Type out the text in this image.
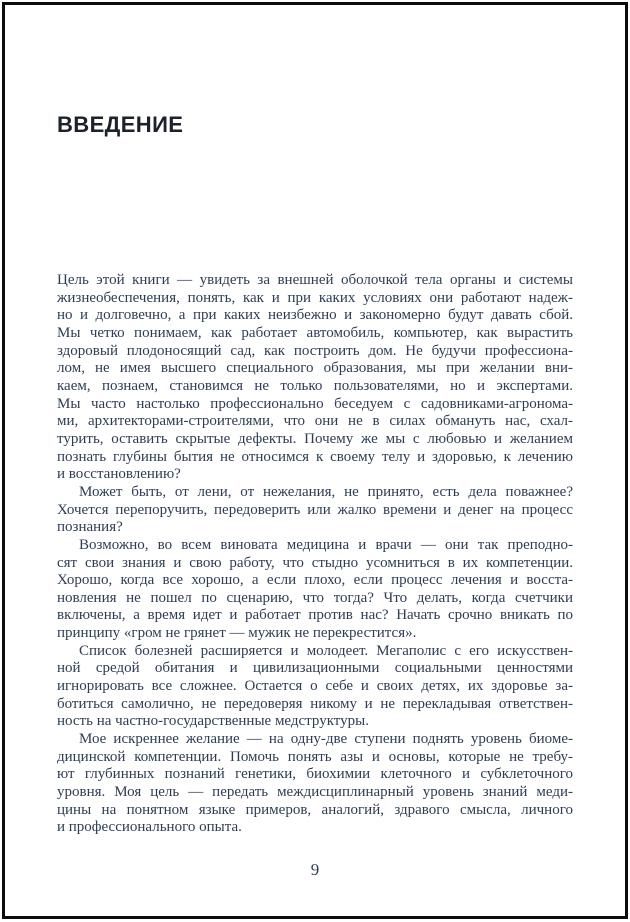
ВВЕДЕНИЕ
Цель этой книги — увидеть за внешней оболочкой тела органы и системы
жизнеобеспечения, понять, как и при каких условиях они работают надеж-
но и долговечно, а при каких неизбежно и закономерно будут давать сбой.
Мы четко понимаем, как работает автомобиль, компьютер, как вырастить
здоровый плодоносящий сад, как построить дом. Не будучи профессиона-
лом, не имея высшего специального образования, мы при желании вни-
каем, познаем, становимся не только пользователями, но и экспертами.
Мы часто настолько профессионально беседуем с садовниками-агронома-
ми, архитекторами-строителями, что они не в силах обмануть нас, схал-
турить, оставить скрытые дефекты. Почему же мы с любовью и желанием
познать глубины бытия не относимся к своему телу и здоровью, к лечению
и восстановлению?
Может быть, от лени, от нежелания, не принято, есть дела поважнее?
Хочется перепоручить, передоверить или жалко времени и денег на процесс
познания?
Возможно, во всем виновата медицина и врачи — они так преподно-
сят свои знания и свою работу, что стыдно усомниться в их компетенции.
Хорошо, когда все хорошо, а если плохо, если процесс лечения и восста-
новления не пошел по сценарию, что тогда? Что делать, когда счетчики
включены, а время идет и работает против нас? Начать срочно вникать по
принципу «гром не грянет — мужик не перекрестится».
Список болезней расширяется и молодеет. Мегаполис с его искусствен-
ной средой обитания и цивилизационными социальными ценностями
игнорировать все сложнее. Остается о себе и своих детях, их здоровье за-
ботиться самолично, не передоверяя никому и не перекладывая ответствен-
ность на частно-государственные медструктуры.
Мое искреннее желание — на одну-две ступени поднять уровень биоме-
дицинской компетенции. Помочь понять азы и основы, которые не требу-
ют глубинных познаний генетики, биохимии клеточного и субклеточного
уровня. Моя цель — передать междисциплинарный уровень знаний меди-
цины на понятном языке примеров, аналогий, здравого смысла, личного
и профессионального опыта.
9
